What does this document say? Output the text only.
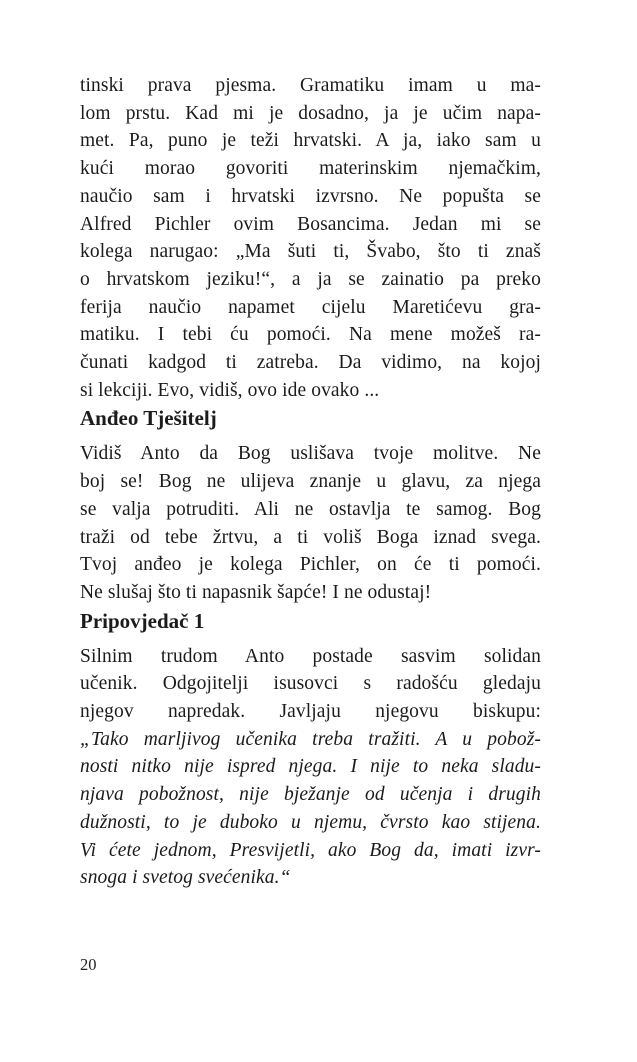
tinski prava pjesma. Gramatiku imam u ma-
lom prstu. Kad mi je dosadno, ja je učim napa-
met. Pa, puno je teži hrvatski. A ja, iako sam u
kući morao govoriti materinskim njemačkim,
naučio sam i hrvatski izvrsno. Ne popušta se
Alfred Pichler ovim Bosancima. Jedan mi se
kolega narugao: „Ma šuti ti, Švabo, što ti znaš
o hrvatskom jeziku!“, a ja se zainatio pa preko
ferija naučio napamet cijelu Maretićevu gra-
matiku. I tebi ću pomoći. Na mene možeš ra-
čunati kadgod ti zatreba. Da vidimo, na kojoj
si lekciji. Evo, vidiš, ovo ide ovako ...
Anđeo Tješitelj
Vidiš Anto da Bog uslišava tvoje molitve. Ne
boj se! Bog ne ulijeva znanje u glavu, za njega
se valja potruditi. Ali ne ostavlja te samog. Bog
traži od tebe žrtvu, a ti voliš Boga iznad svega.
Tvoj anđeo je kolega Pichler, on će ti pomoći.
Ne slušaj što ti napasnik šapće! I ne odustaj!
Pripovjedač 1
Silnim trudom Anto postade sasvim solidan
učenik. Odgojitelji isusovci s radošću gledaju
njegov napredak. Javljaju njegovu biskupu:
„Tako marljivog učenika treba tražiti. A u pobož-
nosti nitko nije ispred njega. I nije to neka sladu-
njava pobožnost, nije bježanje od učenja i drugih
dužnosti, to je duboko u njemu, čvrsto kao stijena.
Vi ćete jednom, Presvijetli, ako Bog da, imati izvr-
snoga i svetog svećenika.“
20
